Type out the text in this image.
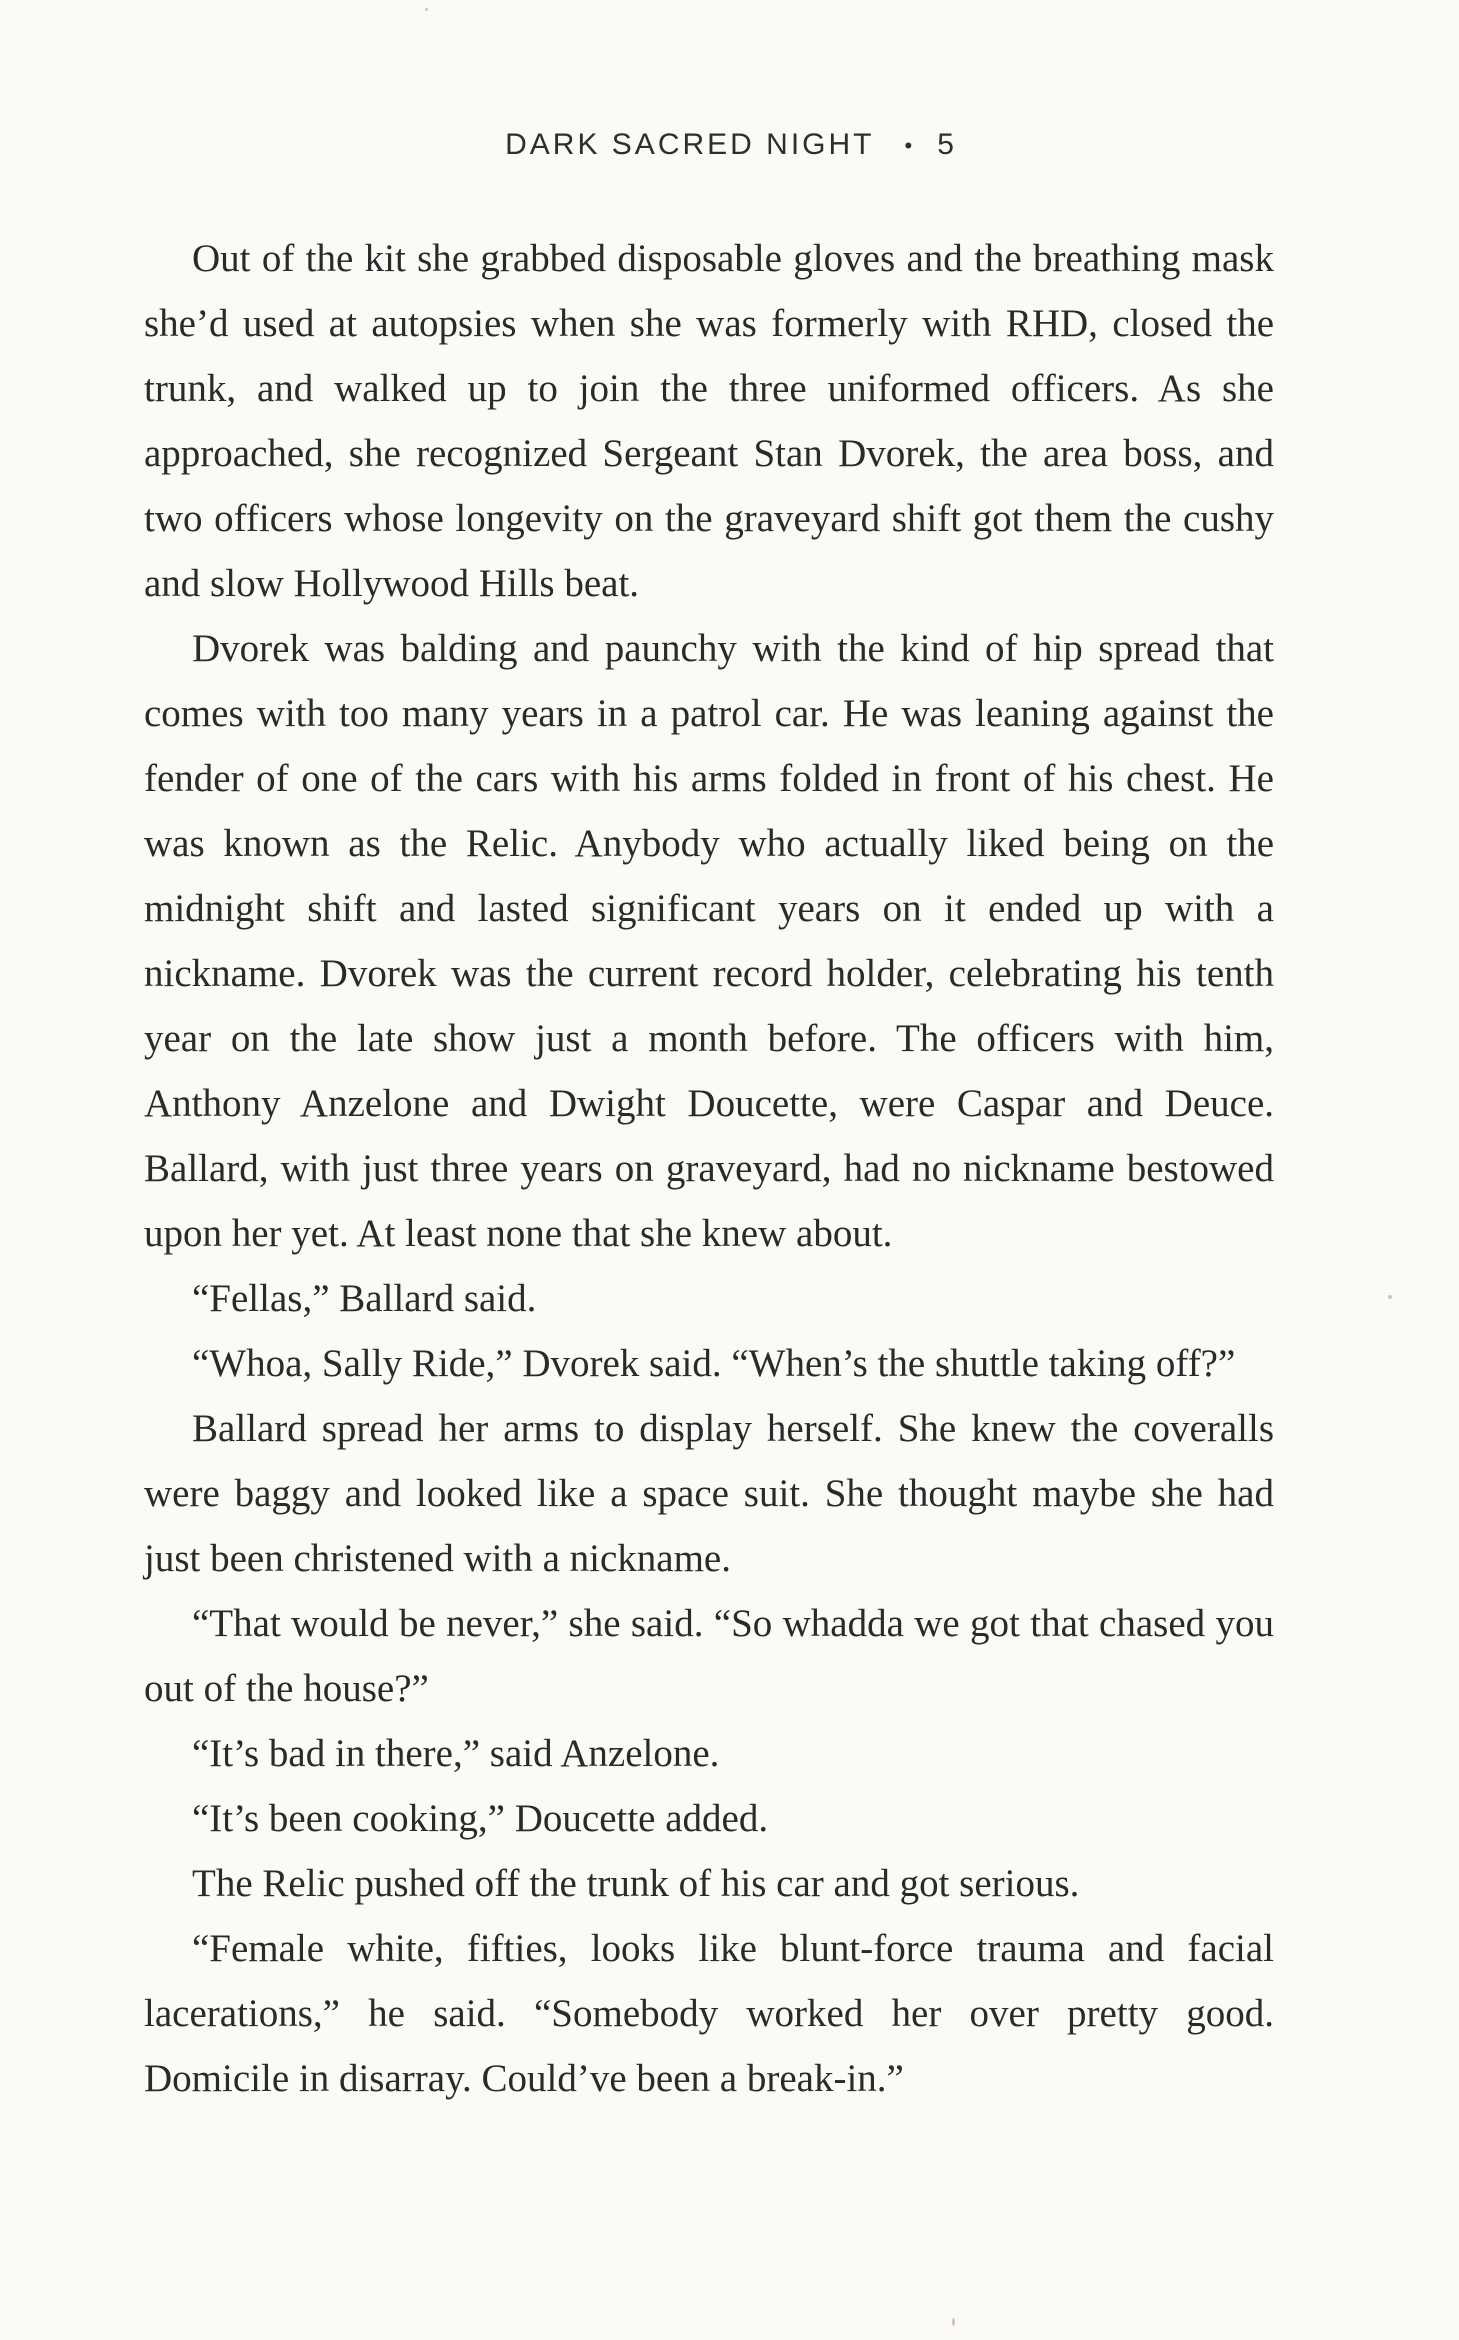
DARK SACRED NIGHT • 5

Out of the kit she grabbed disposable gloves and the breathing mask she’d used at autopsies when she was formerly with RHD, closed the trunk, and walked up to join the three uniformed officers. As she approached, she recognized Sergeant Stan Dvorek, the area boss, and two officers whose longevity on the graveyard shift got them the cushy and slow Hollywood Hills beat.

Dvorek was balding and paunchy with the kind of hip spread that comes with too many years in a patrol car. He was leaning against the fender of one of the cars with his arms folded in front of his chest. He was known as the Relic. Anybody who actually liked being on the midnight shift and lasted significant years on it ended up with a nickname. Dvorek was the current record holder, celebrating his tenth year on the late show just a month before. The officers with him, Anthony Anzelone and Dwight Doucette, were Caspar and Deuce. Ballard, with just three years on graveyard, had no nickname bestowed upon her yet. At least none that she knew about.

“Fellas,” Ballard said.

“Whoa, Sally Ride,” Dvorek said. “When’s the shuttle taking off?”

Ballard spread her arms to display herself. She knew the coveralls were baggy and looked like a space suit. She thought maybe she had just been christened with a nickname.

“That would be never,” she said. “So whadda we got that chased you out of the house?”

“It’s bad in there,” said Anzelone.

“It’s been cooking,” Doucette added.

The Relic pushed off the trunk of his car and got serious.

“Female white, fifties, looks like blunt-force trauma and facial lacerations,” he said. “Somebody worked her over pretty good. Domicile in disarray. Could’ve been a break-in.”
